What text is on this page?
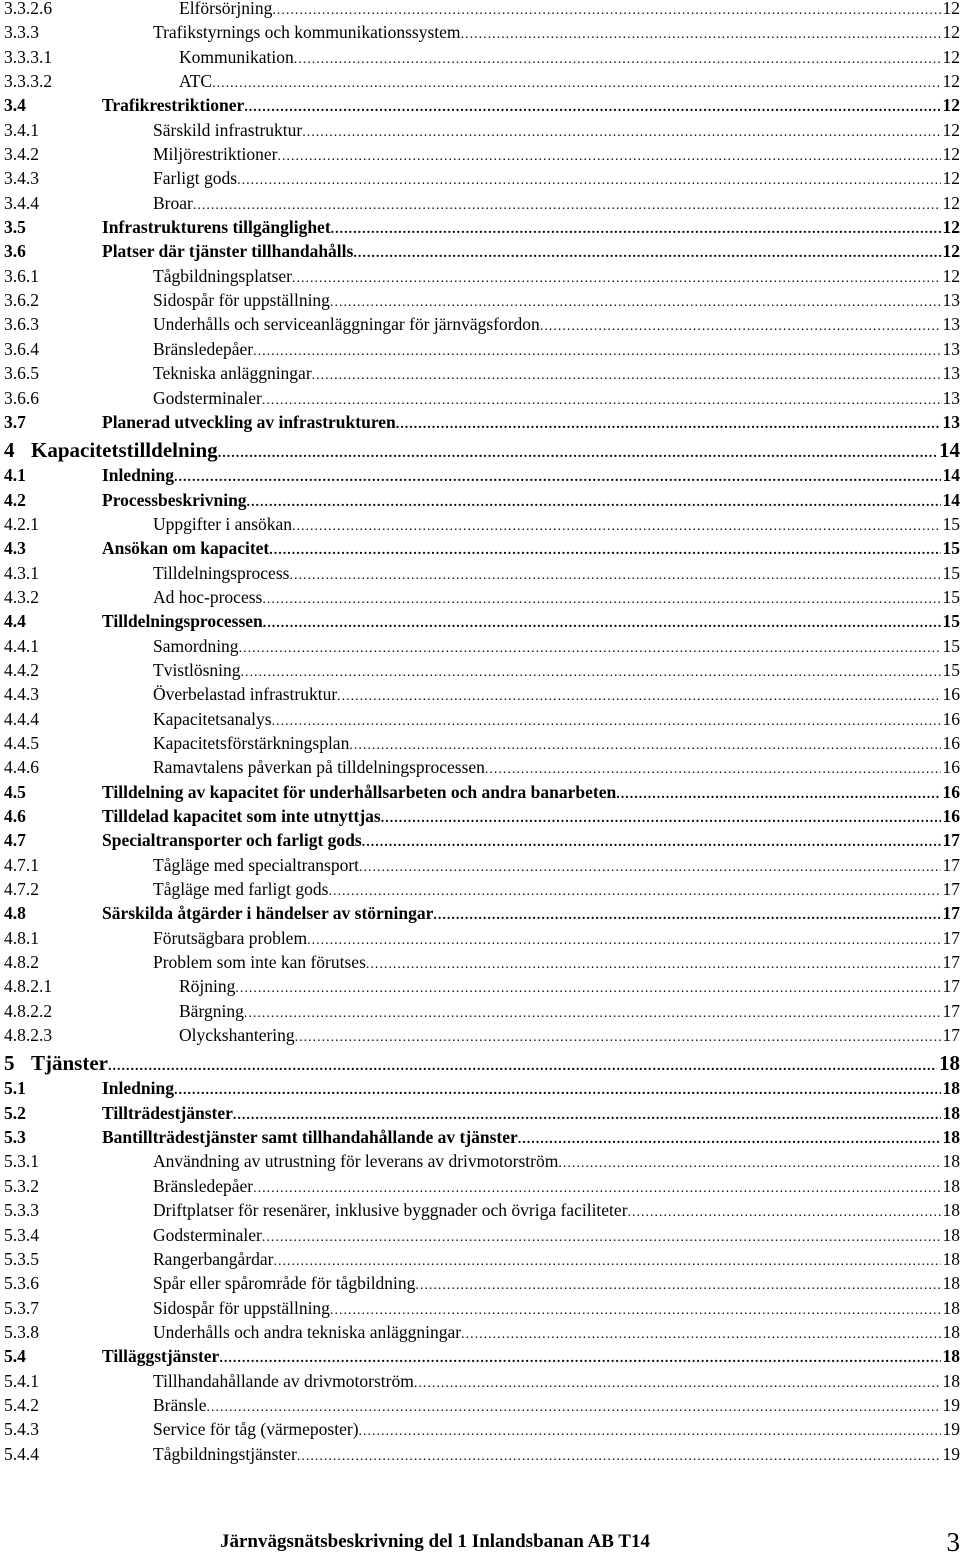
3.3.2.6	Elförsörjning .....	12
3.3.3	Trafikstyrnings och kommunikationssystem .....	12
3.3.3.1	Kommunikation .....	12
3.3.3.2	ATC .....	12
3.4	Trafikrestriktioner .....	12
3.4.1	Särskild infrastruktur .....	12
3.4.2	Miljörestriktioner .....	12
3.4.3	Farligt gods .....	12
3.4.4	Broar .....	12
3.5	Infrastrukturens tillgänglighet .....	12
3.6	Platser där tjänster tillhandahålls .....	12
3.6.1	Tågbildningsplatser .....	12
3.6.2	Sidospår för uppställning .....	13
3.6.3	Underhålls och serviceanläggningar för järnvägsfordon .....	13
3.6.4	Bränsledepåer .....	13
3.6.5	Tekniska anläggningar .....	13
3.6.6	Godsterminaler .....	13
3.7	Planerad utveckling av infrastrukturen .....	13
4 Kapacitetstilldelning .....	14
4.1	Inledning .....	14
4.2	Processbeskrivning .....	14
4.2.1	Uppgifter i ansökan .....	15
4.3	Ansökan om kapacitet .....	15
4.3.1	Tilldelningsprocess .....	15
4.3.2	Ad hoc-process .....	15
4.4	Tilldelningsprocessen .....	15
4.4.1	Samordning .....	15
4.4.2	Tvistlösning .....	15
4.4.3	Överbelastad infrastruktur .....	16
4.4.4	Kapacitetsanalys .....	16
4.4.5	Kapacitetsförstärkningsplan .....	16
4.4.6	Ramavtalens påverkan på tilldelningsprocessen .....	16
4.5	Tilldelning av kapacitet för underhållsarbeten och andra banarbeten .....	16
4.6	Tilldelad kapacitet som inte utnyttjas .....	16
4.7	Specialtransporter och farligt gods .....	17
4.7.1	Tågläge med specialtransport .....	17
4.7.2	Tågläge med farligt gods .....	17
4.8	Särskilda åtgärder i händelser av störningar .....	17
4.8.1	Förutsägbara problem .....	17
4.8.2	Problem som inte kan förutses .....	17
4.8.2.1	Röjning .....	17
4.8.2.2	Bärgning .....	17
4.8.2.3	Olyckshantering .....	17
5 Tjänster .....	18
5.1	Inledning .....	18
5.2	Tillträdestjänster .....	18
5.3	Bantillträdestjänster samt tillhandahållande av tjänster .....	18
5.3.1	Användning av utrustning för leverans av drivmotorström .....	18
5.3.2	Bränsledepåer .....	18
5.3.3	Driftplatser för resenärer, inklusive byggnader och övriga faciliteter .....	18
5.3.4	Godsterminaler .....	18
5.3.5	Rangerbangårdar .....	18
5.3.6	Spår eller spårområde för tågbildning .....	18
5.3.7	Sidospår för uppställning .....	18
5.3.8	Underhålls och andra tekniska anläggningar .....	18
5.4	Tilläggstjänster .....	18
5.4.1	Tillhandahållande av drivmotorström .....	18
5.4.2	Bränsle .....	19
5.4.3	Service för tåg (värmeposter) .....	19
5.4.4	Tågbildningstjänster .....	19
Järnvägsnätsbeskrivning del 1 Inlandsbanan AB T14	3
